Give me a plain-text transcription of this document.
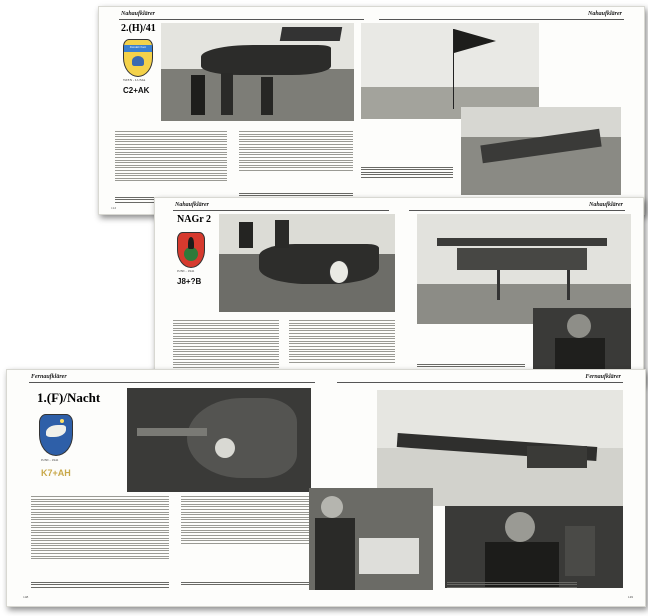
Nahaufklärer	Nahaufklärer
2.(H)/41
Dankirchen
WIEN - LUSIA
C2+AK
112	Nahaufklärer	Nahaufklärer
NAGr 2
JUNI - 1941
J8+?B
Fernaufklärer	Fernaufklärer
1.(F)/Nacht
JUNI - 1941
K7+AH
148	149
